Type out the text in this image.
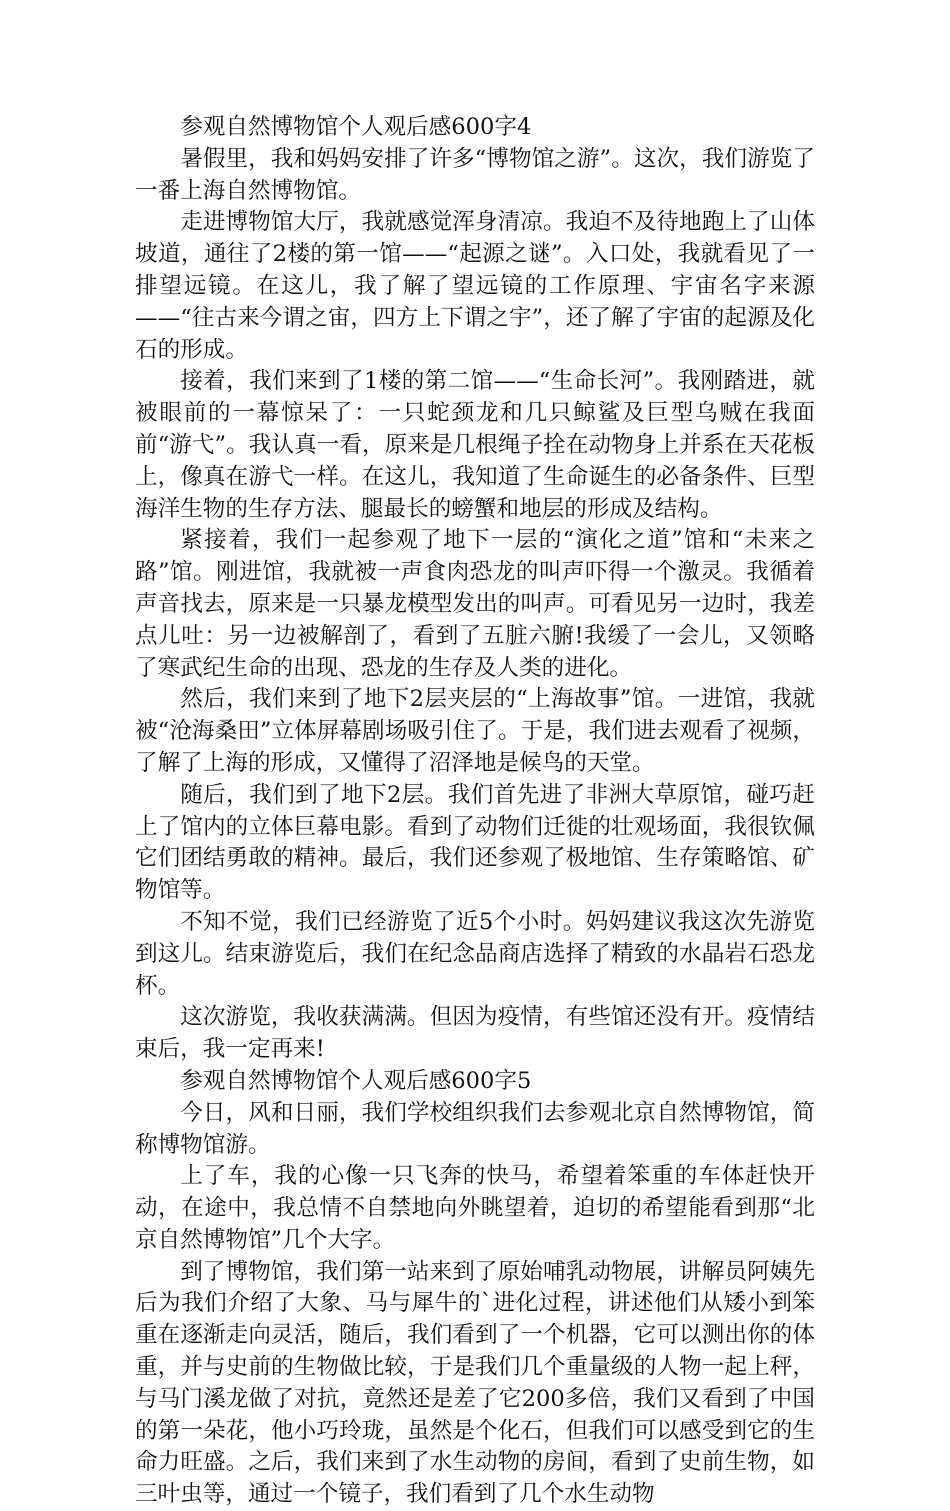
参观自然博物馆个人观后感600字4

暑假里，我和妈妈安排了许多“博物馆之游”。这次，我们游览了一番上海自然博物馆。

走进博物馆大厅，我就感觉浑身清凉。我迫不及待地跑上了山体坡道，通往了2楼的第一馆——“起源之谜”。入口处，我就看见了一排望远镜。在这儿，我了解了望远镜的工作原理、宇宙名字来源——“往古来今谓之宙，四方上下谓之宇”，还了解了宇宙的起源及化石的形成。

接着，我们来到了1楼的第二馆——“生命长河”。我刚踏进，就被眼前的一幕惊呆了：一只蛇颈龙和几只鲸鲨及巨型乌贼在我面前“游弋”。我认真一看，原来是几根绳子拴在动物身上并系在天花板上，像真在游弋一样。在这儿，我知道了生命诞生的必备条件、巨型海洋生物的生存方法、腿最长的螃蟹和地层的形成及结构。

紧接着，我们一起参观了地下一层的“演化之道”馆和“未来之路”馆。刚进馆，我就被一声食肉恐龙的叫声吓得一个激灵。我循着声音找去，原来是一只暴龙模型发出的叫声。可看见另一边时，我差点儿吐：另一边被解剖了，看到了五脏六腑!我缓了一会儿，又领略了寒武纪生命的出现、恐龙的生存及人类的进化。

然后，我们来到了地下2层夹层的“上海故事”馆。一进馆，我就被“沧海桑田”立体屏幕剧场吸引住了。于是，我们进去观看了视频，了解了上海的形成，又懂得了沼泽地是候鸟的天堂。

随后，我们到了地下2层。我们首先进了非洲大草原馆，碰巧赶上了馆内的立体巨幕电影。看到了动物们迁徙的壮观场面，我很钦佩它们团结勇敢的精神。最后，我们还参观了极地馆、生存策略馆、矿物馆等。

不知不觉，我们已经游览了近5个小时。妈妈建议我这次先游览到这儿。结束游览后，我们在纪念品商店选择了精致的水晶岩石恐龙杯。

这次游览，我收获满满。但因为疫情，有些馆还没有开。疫情结束后，我一定再来!

参观自然博物馆个人观后感600字5

今日，风和日丽，我们学校组织我们去参观北京自然博物馆，简称博物馆游。

上了车，我的心像一只飞奔的快马，希望着笨重的车体赶快开动，在途中，我总情不自禁地向外眺望着，迫切的希望能看到那“北京自然博物馆”几个大字。

到了博物馆，我们第一站来到了原始哺乳动物展，讲解员阿姨先后为我们介绍了大象、马与犀牛的`进化过程，讲述他们从矮小到笨重在逐渐走向灵活，随后，我们看到了一个机器，它可以测出你的体重，并与史前的生物做比较，于是我们几个重量级的人物一起上秤，与马门溪龙做了对抗，竟然还是差了它200多倍，我们又看到了中国的第一朵花，他小巧玲珑，虽然是个化石，但我们可以感受到它的生命力旺盛。之后，我们来到了水生动物的房间，看到了史前生物，如三叶虫等，通过一个镜子，我们看到了几个水生动物
